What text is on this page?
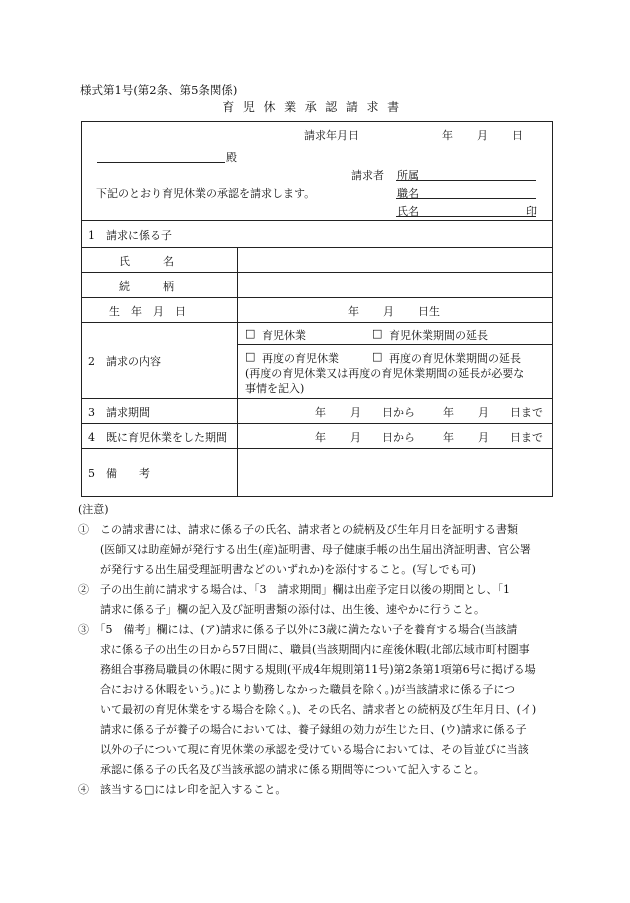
様式第1号(第2条、第5条関係)
育児休業承認請求書
請求年月日	年 月 日
殿
下記のとおり育児休業の承認を請求します。
請求者 所属
職名
氏名	印
1　請求に係る子
氏　　　名
続　　　柄
生　年　月　日	年 月 日生
2　請求の内容
□ 育児休業	□ 育児休業期間の延長
□ 再度の育児休業	□ 再度の育児休業期間の延長
(再度の育児休業又は再度の育児休業期間の延長が必要な
事情を記入)
3　請求期間	年 月 日から	年 月 日まで
4　既に育児休業をした期間	年 月 日から	年 月 日まで
5　備　　考
(注意)
①　この請求書には、請求に係る子の氏名、請求者との続柄及び生年月日を証明する書類
　　(医師又は助産婦が発行する出生(産)証明書、母子健康手帳の出生届出済証明書、官公署
　　が発行する出生届受理証明書などのいずれか)を添付すること。(写しでも可)
②　子の出生前に請求する場合は、「3　請求期間」欄は出産予定日以後の期間とし、「1
　　請求に係る子」欄の記入及び証明書類の添付は、出生後、速やかに行うこと。
③　「5　備考」欄には、(ア)請求に係る子以外に3歳に満たない子を養育する場合(当該請
　　求に係る子の出生の日から57日間に、職員(当該期間内に産後休暇(北部広域市町村圏事
　　務組合事務局職員の休暇に関する規則(平成4年規則第11号)第2条第1項第6号に掲げる場
　　合における休暇をいう。)により勤務しなかった職員を除く。)が当該請求に係る子につ
　　いて最初の育児休業をする場合を除く。)、その氏名、請求者との続柄及び生年月日、(イ)
　　請求に係る子が養子の場合においては、養子縁組の効力が生じた日、(ウ)請求に係る子
　　以外の子について現に育児休業の承認を受けている場合においては、その旨並びに当該
　　承認に係る子の氏名及び当該承認の請求に係る期間等について記入すること。
④　該当する□にはレ印を記入すること。
